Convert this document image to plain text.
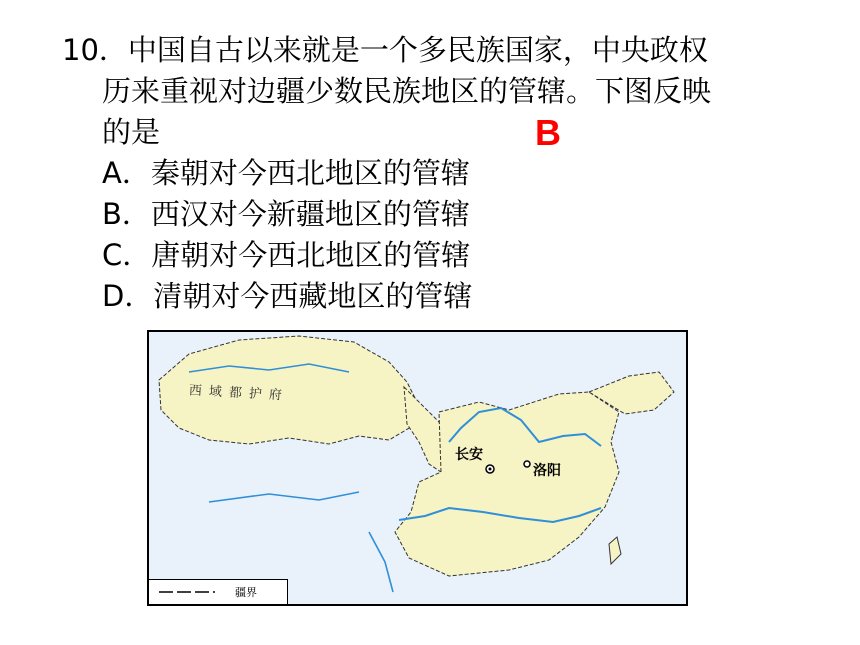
10．中国自古以来就是一个多民族国家，中央政权
历来重视对边疆少数民族地区的管辖。下图反映
的是
A．秦朝对今西北地区的管辖
B．西汉对今新疆地区的管辖
C．唐朝对今西北地区的管辖
D．清朝对今西藏地区的管辖
B
西域都护府
长安
洛阳
疆界
